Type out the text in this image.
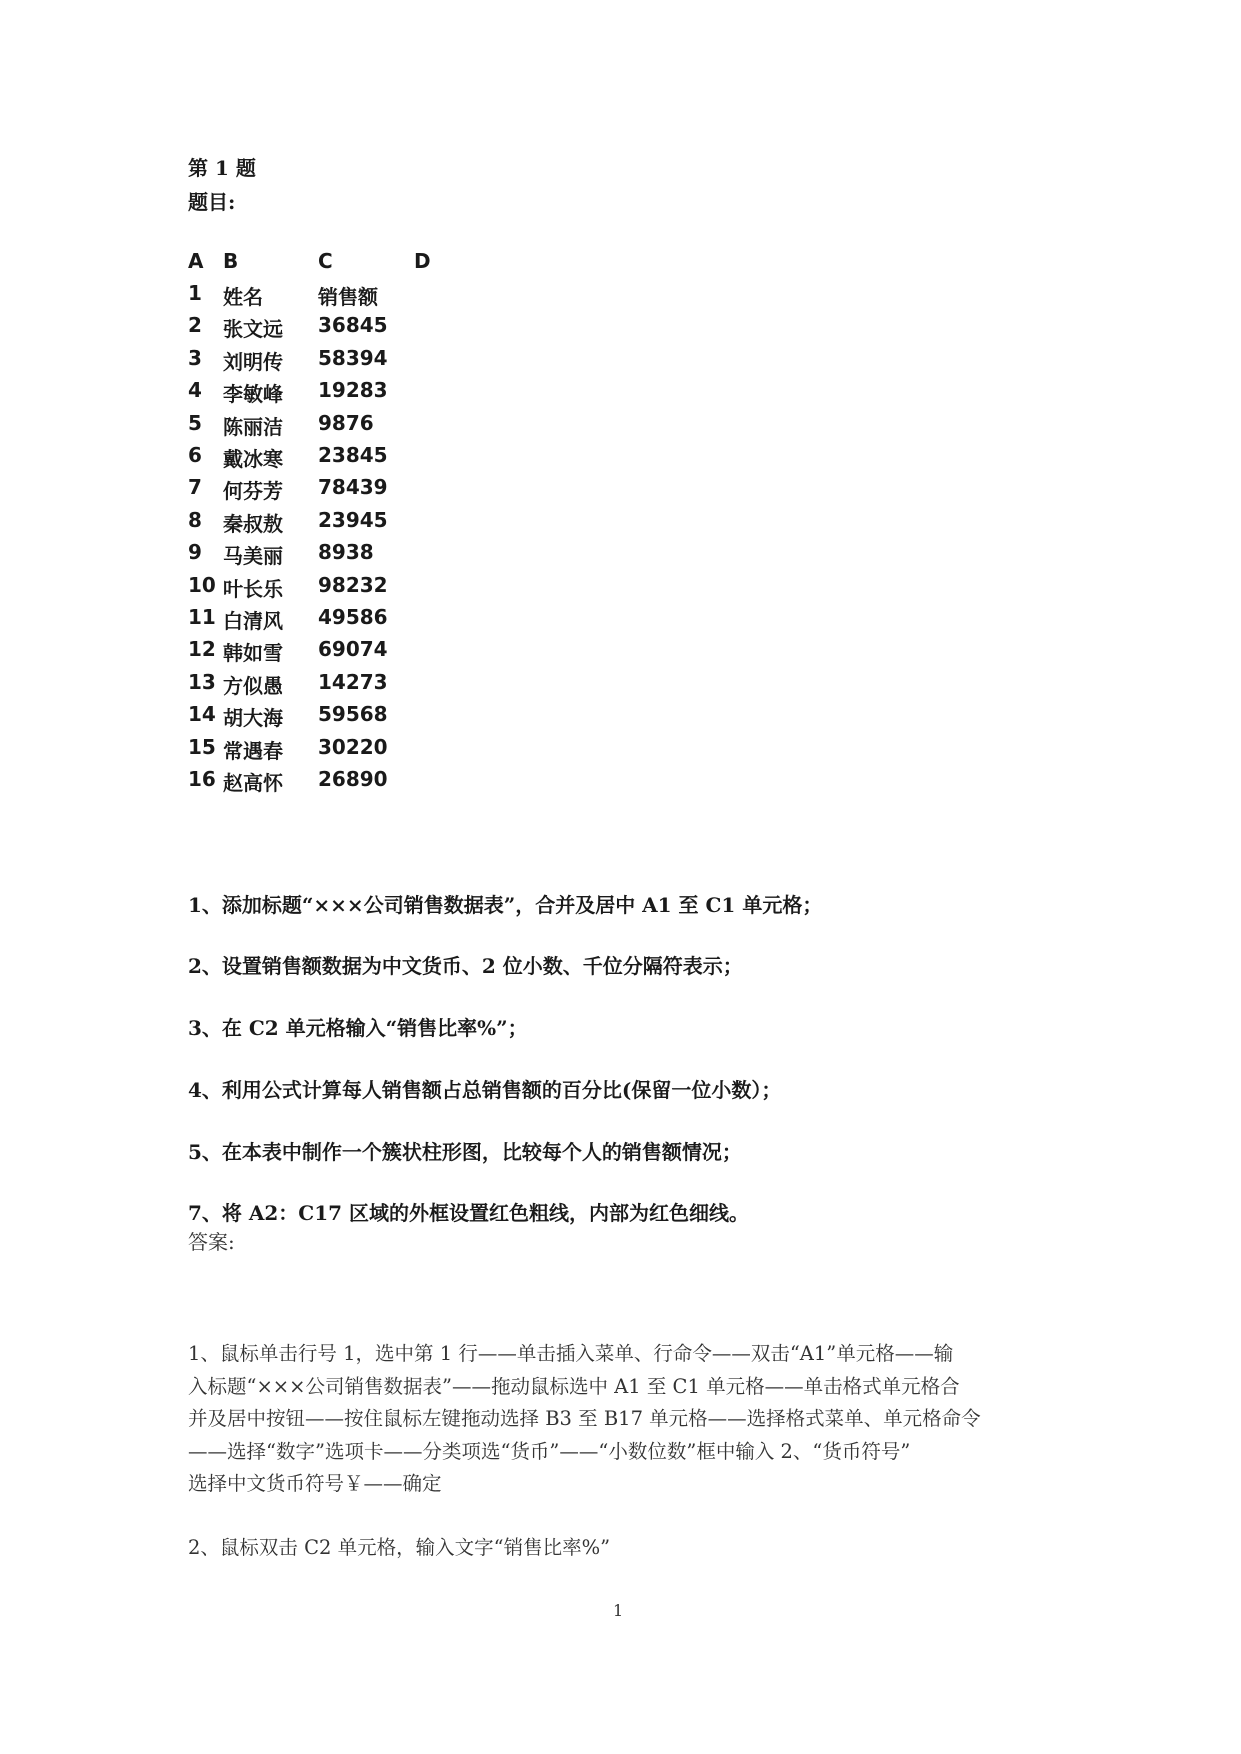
第 1 题
题目:
A B	C	D
1 姓名	销售额
2 张文远 36845
3 刘明传 58394
4 李敏峰 19283
5 陈丽洁 9876
6 戴冰寒 23845
7 何芬芳 78439
8 秦叔敖 23945
9 马美丽 8938
10 叶长乐 98232
11 白清风 49586
12 韩如雪 69074
13 方似愚 14273
14 胡大海 59568
15 常遇春 30220
16 赵高怀 26890
1、添加标题“×××公司销售数据表”，合并及居中 A1 至 C1 单元格；
2、设置销售额数据为中文货币、2 位小数、千位分隔符表示；
3、在 C2 单元格输入“销售比率%”；
4、利用公式计算每人销售额占总销售额的百分比(保留一位小数）；
5、在本表中制作一个簇状柱形图，比较每个人的销售额情况；
7、将 A2：C17 区域的外框设置红色粗线，内部为红色细线。
答案:
1、鼠标单击行号 1，选中第 1 行——单击插入菜单、行命令——双击“A1”单元格——输
入标题“×××公司销售数据表”——拖动鼠标选中 A1 至 C1 单元格——单击格式单元格合
并及居中按钮——按住鼠标左键拖动选择 B3 至 B17 单元格——选择格式菜单、单元格命令
——选择“数字”选项卡——分类项选“货币”——“小数位数”框中输入 2、“货币符号”
选择中文货币符号￥——确定
2、鼠标双击 C2 单元格，输入文字“销售比率%”
1
